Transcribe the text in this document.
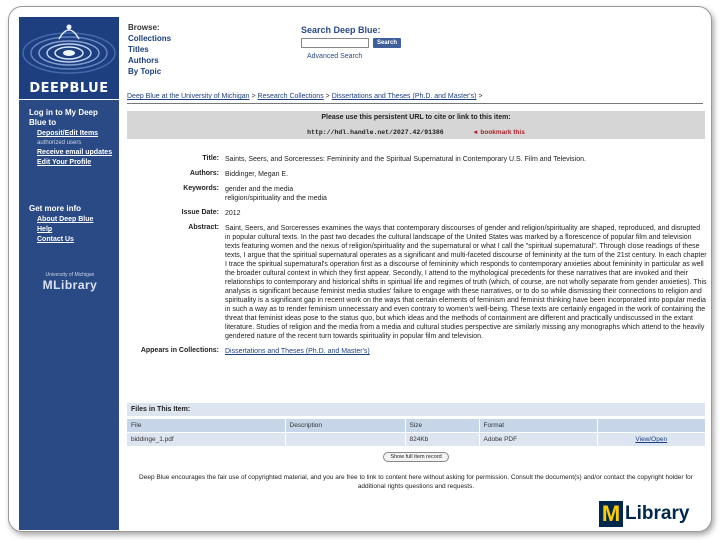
DEEPBLUE
Log in to My Deep Blue to
Deposit/Edit Items
authorized users
Receive email updates
Edit Your Profile
Get more info
About Deep Blue
Help
Contact Us
University of Michigan
MLibrary
Browse:
Collections
Titles
Authors
By Topic
Search Deep Blue:
Search
Advanced Search
Deep Blue at the University of Michigan > Research Collections > Dissertations and Theses (Ph.D. and Master's) >
Please use this persistent URL to cite or link to this item:
http://hdl.handle.net/2027.42/91386	◄ bookmark this
Title: Saints, Seers, and Sorceresses: Femininity and the Spiritual Supernatural in Contemporary U.S. Film and Television.
Authors: Biddinger, Megan E.
Keywords: gender and the media
religion/spirituality and the media
Issue Date: 2012
Abstract: Saint, Seers, and Sorceresses examines the ways that contemporary discourses of gender and religion/spirituality are shaped, reproduced, and disrupted in popular cultural texts. In the past two decades the cultural landscape of the United States was marked by a florescence of popular film and television texts featuring women and the nexus of religion/spirituality and the supernatural or what I call the "spiritual supernatural". Through close readings of these texts, I argue that the spiritual supernatural operates as a significant and multi-faceted discourse of femininity at the turn of the 21st century. In each chapter I trace the spiritual supernatural's operation first as a discourse of femininity which responds to contemporary anxieties about femininity in particular as well the broader cultural context in which they first appear. Secondly, I attend to the mythological precedents for these narratives that are invoked and their relationships to contemporary and historical shifts in spiritual life and regimes of truth (which, of course, are not wholly separate from gender anxieties). This analysis is significant because feminist media studies' failure to engage with these narratives, or to do so while dismissing their connections to religion and spirituality is a significant gap in recent work on the ways that certain elements of feminism and feminist thinking have been incorporated into popular media in such a way as to render feminism unnecessary and even contrary to women's well-being. These texts are certainly engaged in the work of containing the threat that feminist ideas pose to the status quo, but which ideas and the methods of containment are different and practically undiscussed in the extant literature. Studies of religion and the media from a media and cultural studies perspective are similarly missing any monographs which attend to the heavily gendered nature of the recent turn towards spirituality in popular film and television.
Appears in Collections: Dissertations and Theses (Ph.D. and Master's)
Files in This Item:
File	Description	Size	Format	
biddinge_1.pdf		824Kb	Adobe PDF	View/Open
Show full item record
Deep Blue encourages the fair use of copyrighted material, and you are free to link to content here without asking for permission. Consult the document(s) and/or contact the copyright holder for additional rights questions and requests.
M Library
